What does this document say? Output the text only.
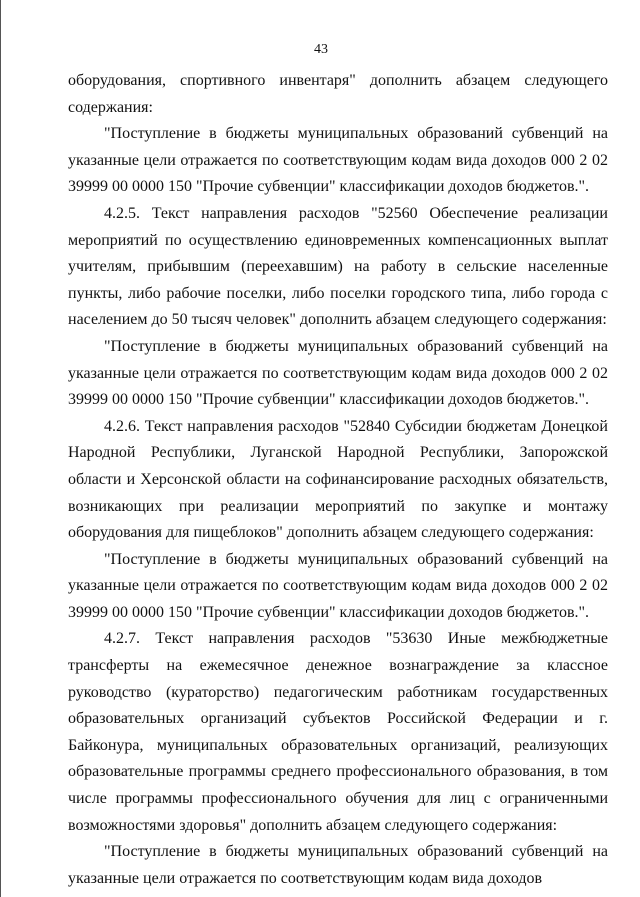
43

оборудования, спортивного инвентаря" дополнить абзацем следующего содержания:

"Поступление в бюджеты муниципальных образований субвенций на указанные цели отражается по соответствующим кодам вида доходов 000 2 02 39999 00 0000 150 "Прочие субвенции" классификации доходов бюджетов.".

4.2.5. Текст направления расходов "52560 Обеспечение реализации мероприятий по осуществлению единовременных компенсационных выплат учителям, прибывшим (переехавшим) на работу в сельские населенные пункты, либо рабочие поселки, либо поселки городского типа, либо города с населением до 50 тысяч человек" дополнить абзацем следующего содержания:

"Поступление в бюджеты муниципальных образований субвенций на указанные цели отражается по соответствующим кодам вида доходов 000 2 02 39999 00 0000 150 "Прочие субвенции" классификации доходов бюджетов.".

4.2.6. Текст направления расходов "52840 Субсидии бюджетам Донецкой Народной Республики, Луганской Народной Республики, Запорожской области и Херсонской области на софинансирование расходных обязательств, возникающих при реализации мероприятий по закупке и монтажу оборудования для пищеблоков" дополнить абзацем следующего содержания:

"Поступление в бюджеты муниципальных образований субвенций на указанные цели отражается по соответствующим кодам вида доходов 000 2 02 39999 00 0000 150 "Прочие субвенции" классификации доходов бюджетов.".

4.2.7. Текст направления расходов "53630 Иные межбюджетные трансферты на ежемесячное денежное вознаграждение за классное руководство (кураторство) педагогическим работникам государственных образовательных организаций субъектов Российской Федерации и г. Байконура, муниципальных образовательных организаций, реализующих образовательные программы среднего профессионального образования, в том числе программы профессионального обучения для лиц с ограниченными возможностями здоровья" дополнить абзацем следующего содержания:

"Поступление в бюджеты муниципальных образований субвенций на указанные цели отражается по соответствующим кодам вида доходов
